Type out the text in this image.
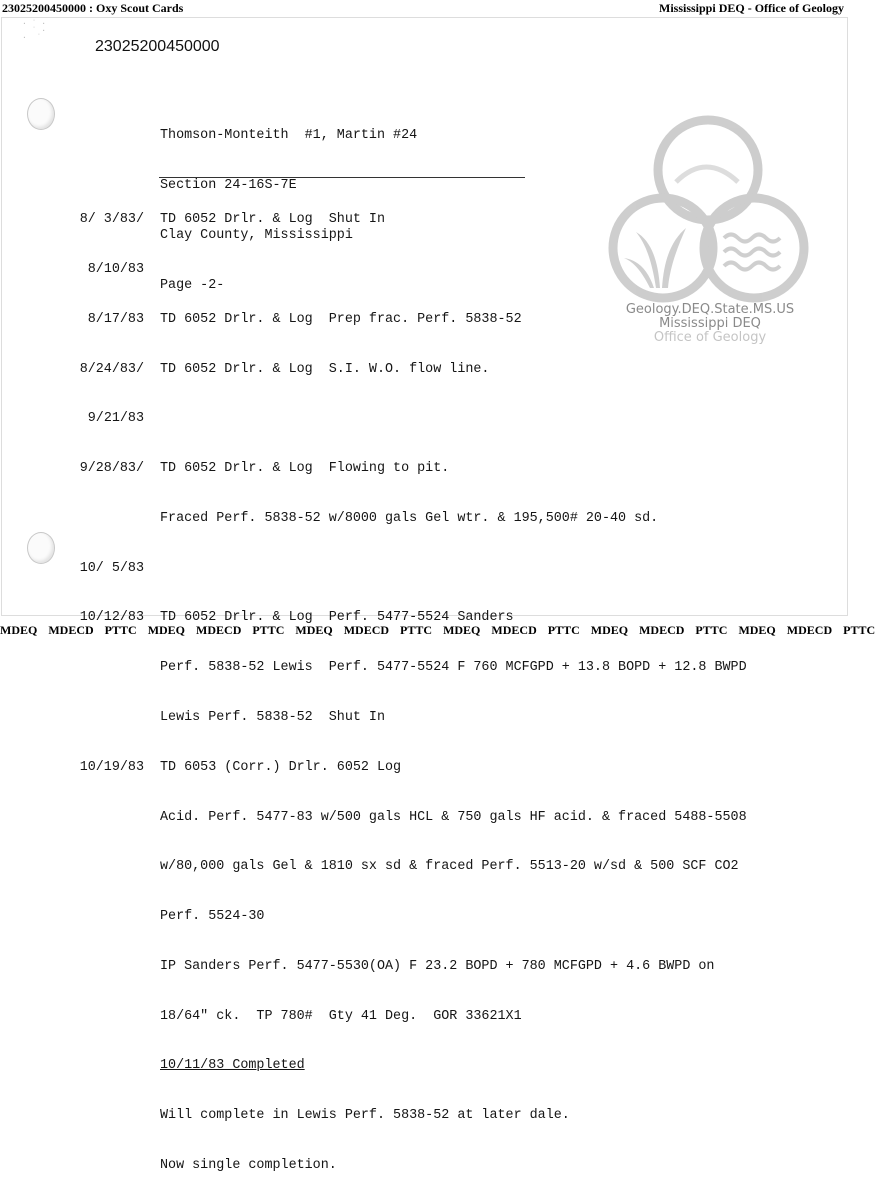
23025200450000 : Oxy Scout Cards	Mississippi DEQ - Office of Geology
· ˙ ·
˙ ·
·  ˙
23025200450000

Thomson-Monteith  #1, Martin #24

Section 24-16S-7E

Clay County, Mississippi

Page -2-

8/ 3/83/

8/10/83

8/17/83

8/24/83/

9/21/83

9/28/83/

10/ 5/83

10/12/83

10/19/83

TD 6052 Drlr. & Log  Shut In

TD 6052 Drlr. & Log  Prep frac. Perf. 5838-52

TD 6052 Drlr. & Log  S.I. W.O. flow line.

TD 6052 Drlr. & Log  Flowing to pit.

Fraced Perf. 5838-52 w/8000 gals Gel wtr. & 195,500# 20-40 sd.

TD 6052 Drlr. & Log  Perf. 5477-5524 Sanders

Perf. 5838-52 Lewis  Perf. 5477-5524 F 760 MCFGPD + 13.8 BOPD + 12.8 BWPD

Lewis Perf. 5838-52  Shut In

TD 6053 (Corr.) Drlr. 6052 Log

Acid. Perf. 5477-83 w/500 gals HCL & 750 gals HF acid. & fraced 5488-5508

w/80,000 gals Gel & 1810 sx sd & fraced Perf. 5513-20 w/sd & 500 SCF CO2

Perf. 5524-30

IP Sanders Perf. 5477-5530(OA) F 23.2 BOPD + 780 MCFGPD + 4.6 BWPD on

18/64" ck.  TP 780#  Gty 41 Deg.  GOR 33621X1

10/11/83 Completed

Will complete in Lewis Perf. 5838-52 at later dale.

Now single completion.

Geology.DEQ.State.MS.US
Mississippi DEQ
Office of Geology
MDEQ MDECD PTTC MDEQ MDECD PTTC MDEQ MDECD PTTC MDEQ MDECD PTTC MDEQ MDECD PTTC MDEQ MDECD PTTC
